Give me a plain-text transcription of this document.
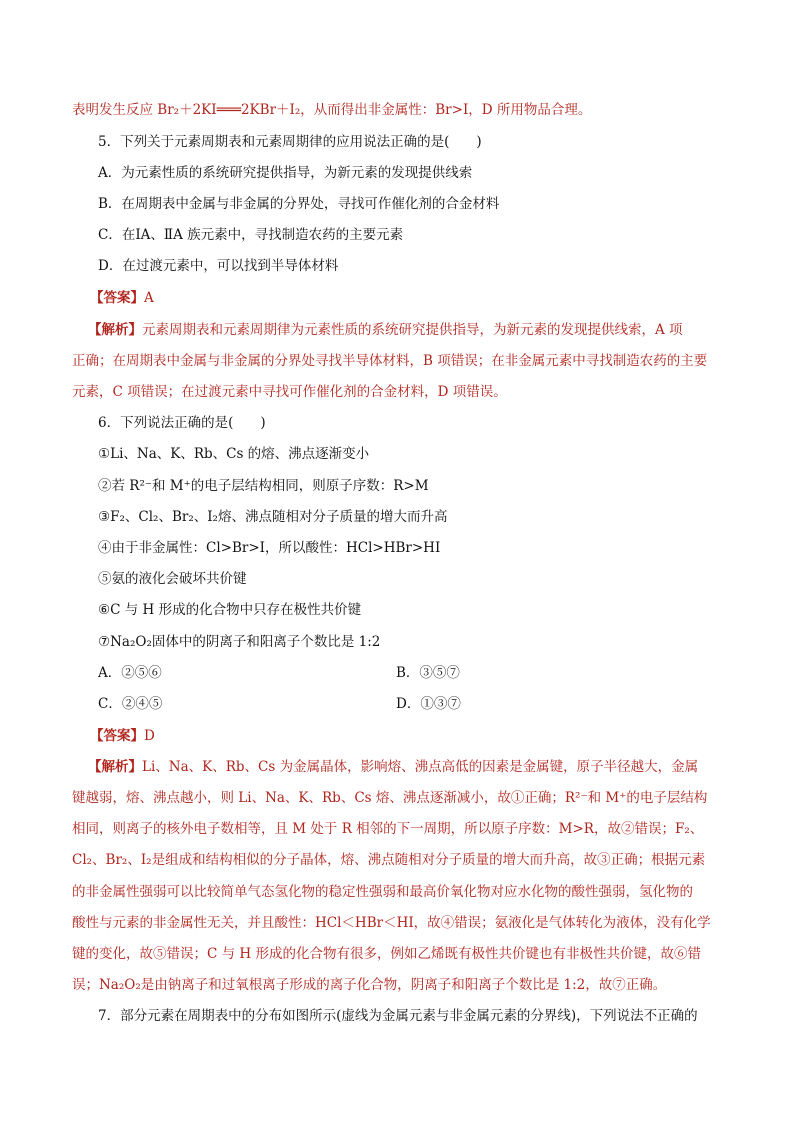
表明发生反应 Br₂＋2KI═══2KBr＋I₂，从而得出非金属性：Br>I，D 所用物品合理。
5．下列关于元素周期表和元素周期律的应用说法正确的是(　　)
A．为元素性质的系统研究提供指导，为新元素的发现提供线索
B．在周期表中金属与非金属的分界处，寻找可作催化剂的合金材料
C．在ⅠA、ⅡA 族元素中，寻找制造农药的主要元素
D．在过渡元素中，可以找到半导体材料
【答案】A
【解析】元素周期表和元素周期律为元素性质的系统研究提供指导，为新元素的发现提供线索，A 项
正确；在周期表中金属与非金属的分界处寻找半导体材料，B 项错误；在非金属元素中寻找制造农药的主要
元素，C 项错误；在过渡元素中寻找可作催化剂的合金材料，D 项错误。
6．下列说法正确的是(　　)
①Li、Na、K、Rb、Cs 的熔、沸点逐渐变小
②若 R²⁻和 M⁺的电子层结构相同，则原子序数：R>M
③F₂、Cl₂、Br₂、I₂熔、沸点随相对分子质量的增大而升高
④由于非金属性：Cl>Br>I，所以酸性：HCl>HBr>HI
⑤氨的液化会破坏共价键
⑥C 与 H 形成的化合物中只存在极性共价键
⑦Na₂O₂固体中的阴离子和阳离子个数比是 1:2
A．②⑤⑥	B．③⑤⑦
C．②④⑤	D．①③⑦
【答案】D
【解析】Li、Na、K、Rb、Cs 为金属晶体，影响熔、沸点高低的因素是金属键，原子半径越大，金属
键越弱，熔、沸点越小，则 Li、Na、K、Rb、Cs 熔、沸点逐渐减小，故①正确；R²⁻和 M⁺的电子层结构
相同，则离子的核外电子数相等，且 M 处于 R 相邻的下一周期，所以原子序数：M>R，故②错误；F₂、
Cl₂、Br₂、I₂是组成和结构相似的分子晶体，熔、沸点随相对分子质量的增大而升高，故③正确；根据元素
的非金属性强弱可以比较简单气态氢化物的稳定性强弱和最高价氧化物对应水化物的酸性强弱，氢化物的
酸性与元素的非金属性无关，并且酸性：HCl＜HBr＜HI，故④错误；氨液化是气体转化为液体，没有化学
键的变化，故⑤错误；C 与 H 形成的化合物有很多，例如乙烯既有极性共价键也有非极性共价键，故⑥错
误；Na₂O₂是由钠离子和过氧根离子形成的离子化合物，阴离子和阳离子个数比是 1:2，故⑦正确。
7．部分元素在周期表中的分布如图所示(虚线为金属元素与非金属元素的分界线)，下列说法不正确的
